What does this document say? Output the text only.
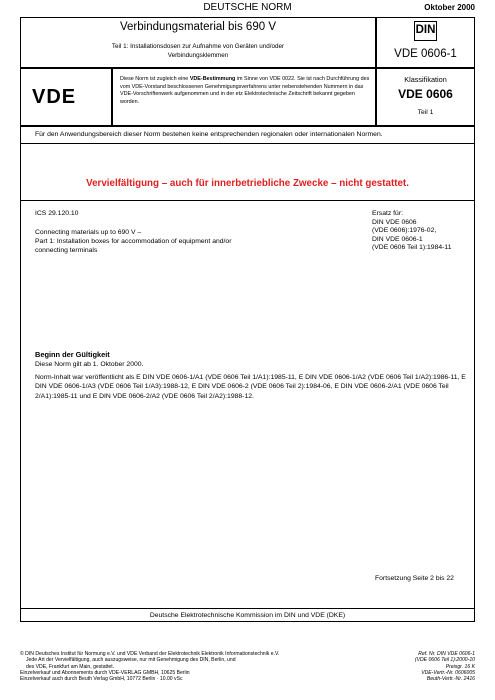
DEUTSCHE NORM	Oktober 2000
Verbindungsmaterial bis 690 V
Teil 1: Installationsdosen zur Aufnahme von Geräten und/oder
Verbindungsklemmen
DIN
VDE 0606-1
VDE
Diese Norm ist zugleich eine VDE-Bestimmung im Sinne von VDE 0022. Sie ist nach Durchführung des vom VDE-Vorstand beschlossenen Genehmigungsverfahrens unter nebenstehenden Nummern in das VDE-Vorschriftenwerk aufgenommen und in der etz Elektrotechnische Zeitschrift bekannt gegeben worden.
Klassifikation
VDE 0606
Teil 1
Für den Anwendungsbereich dieser Norm bestehen keine entsprechenden regionalen oder internationalen Normen.
Vervielfältigung – auch für innerbetriebliche Zwecke – nicht gestattet.
ICS 29.120.10
Connecting materials up to 690 V –
Part 1: Installation boxes for accommodation of equipment and/or
connecting terminals
Ersatz für:
DIN VDE 0606
(VDE 0606):1976-02,
DIN VDE 0606-1
(VDE 0606 Teil 1):1984-11
Beginn der Gültigkeit
Diese Norm gilt ab 1. Oktober 2000.
Norm-Inhalt war veröffentlicht als E DIN VDE 0606-1/A1 (VDE 0606 Teil 1/A1):1985-11, E DIN VDE 0606-1/A2 (VDE 0606 Teil 1/A2):1986-11, E DIN VDE 0606-1/A3 (VDE 0606 Teil 1/A3):1988-12, E DIN VDE 0606-2 (VDE 0606 Teil 2):1984-06, E DIN VDE 0606-2/A1 (VDE 0606 Teil 2/A1):1985-11 und E DIN VDE 0606-2/A2 (VDE 0606 Teil 2/A2):1988-12.
Fortsetzung Seite 2 bis 22
Deutsche Elektrotechnische Kommission im DIN und VDE (DKE)
© DIN Deutsches Institut für Normung e.V. und VDE Verband der Elektrotechnik Elektronik Informationstechnik e.V.
Jede Art der Vervielfältigung, auch auszugsweise, nur mit Genehmigung des DIN, Berlin, und
des VDE, Frankfurt am Main, gestattet.
Einzelverkauf und Abonnements durch VDE-VERLAG GMBH, 10625 Berlin
Einzelverkauf auch durch Beuth Verlag GmbH, 10772 Berlin · 10.00 vSc
Ref. Nr. DIN VDE 0606-1
(VDE 0606 Teil 1):2000-10
Preisgr. 16 K
VDE-Vertr.-Nr. 0606005
Beuth-Vertr.-Nr. 2416
